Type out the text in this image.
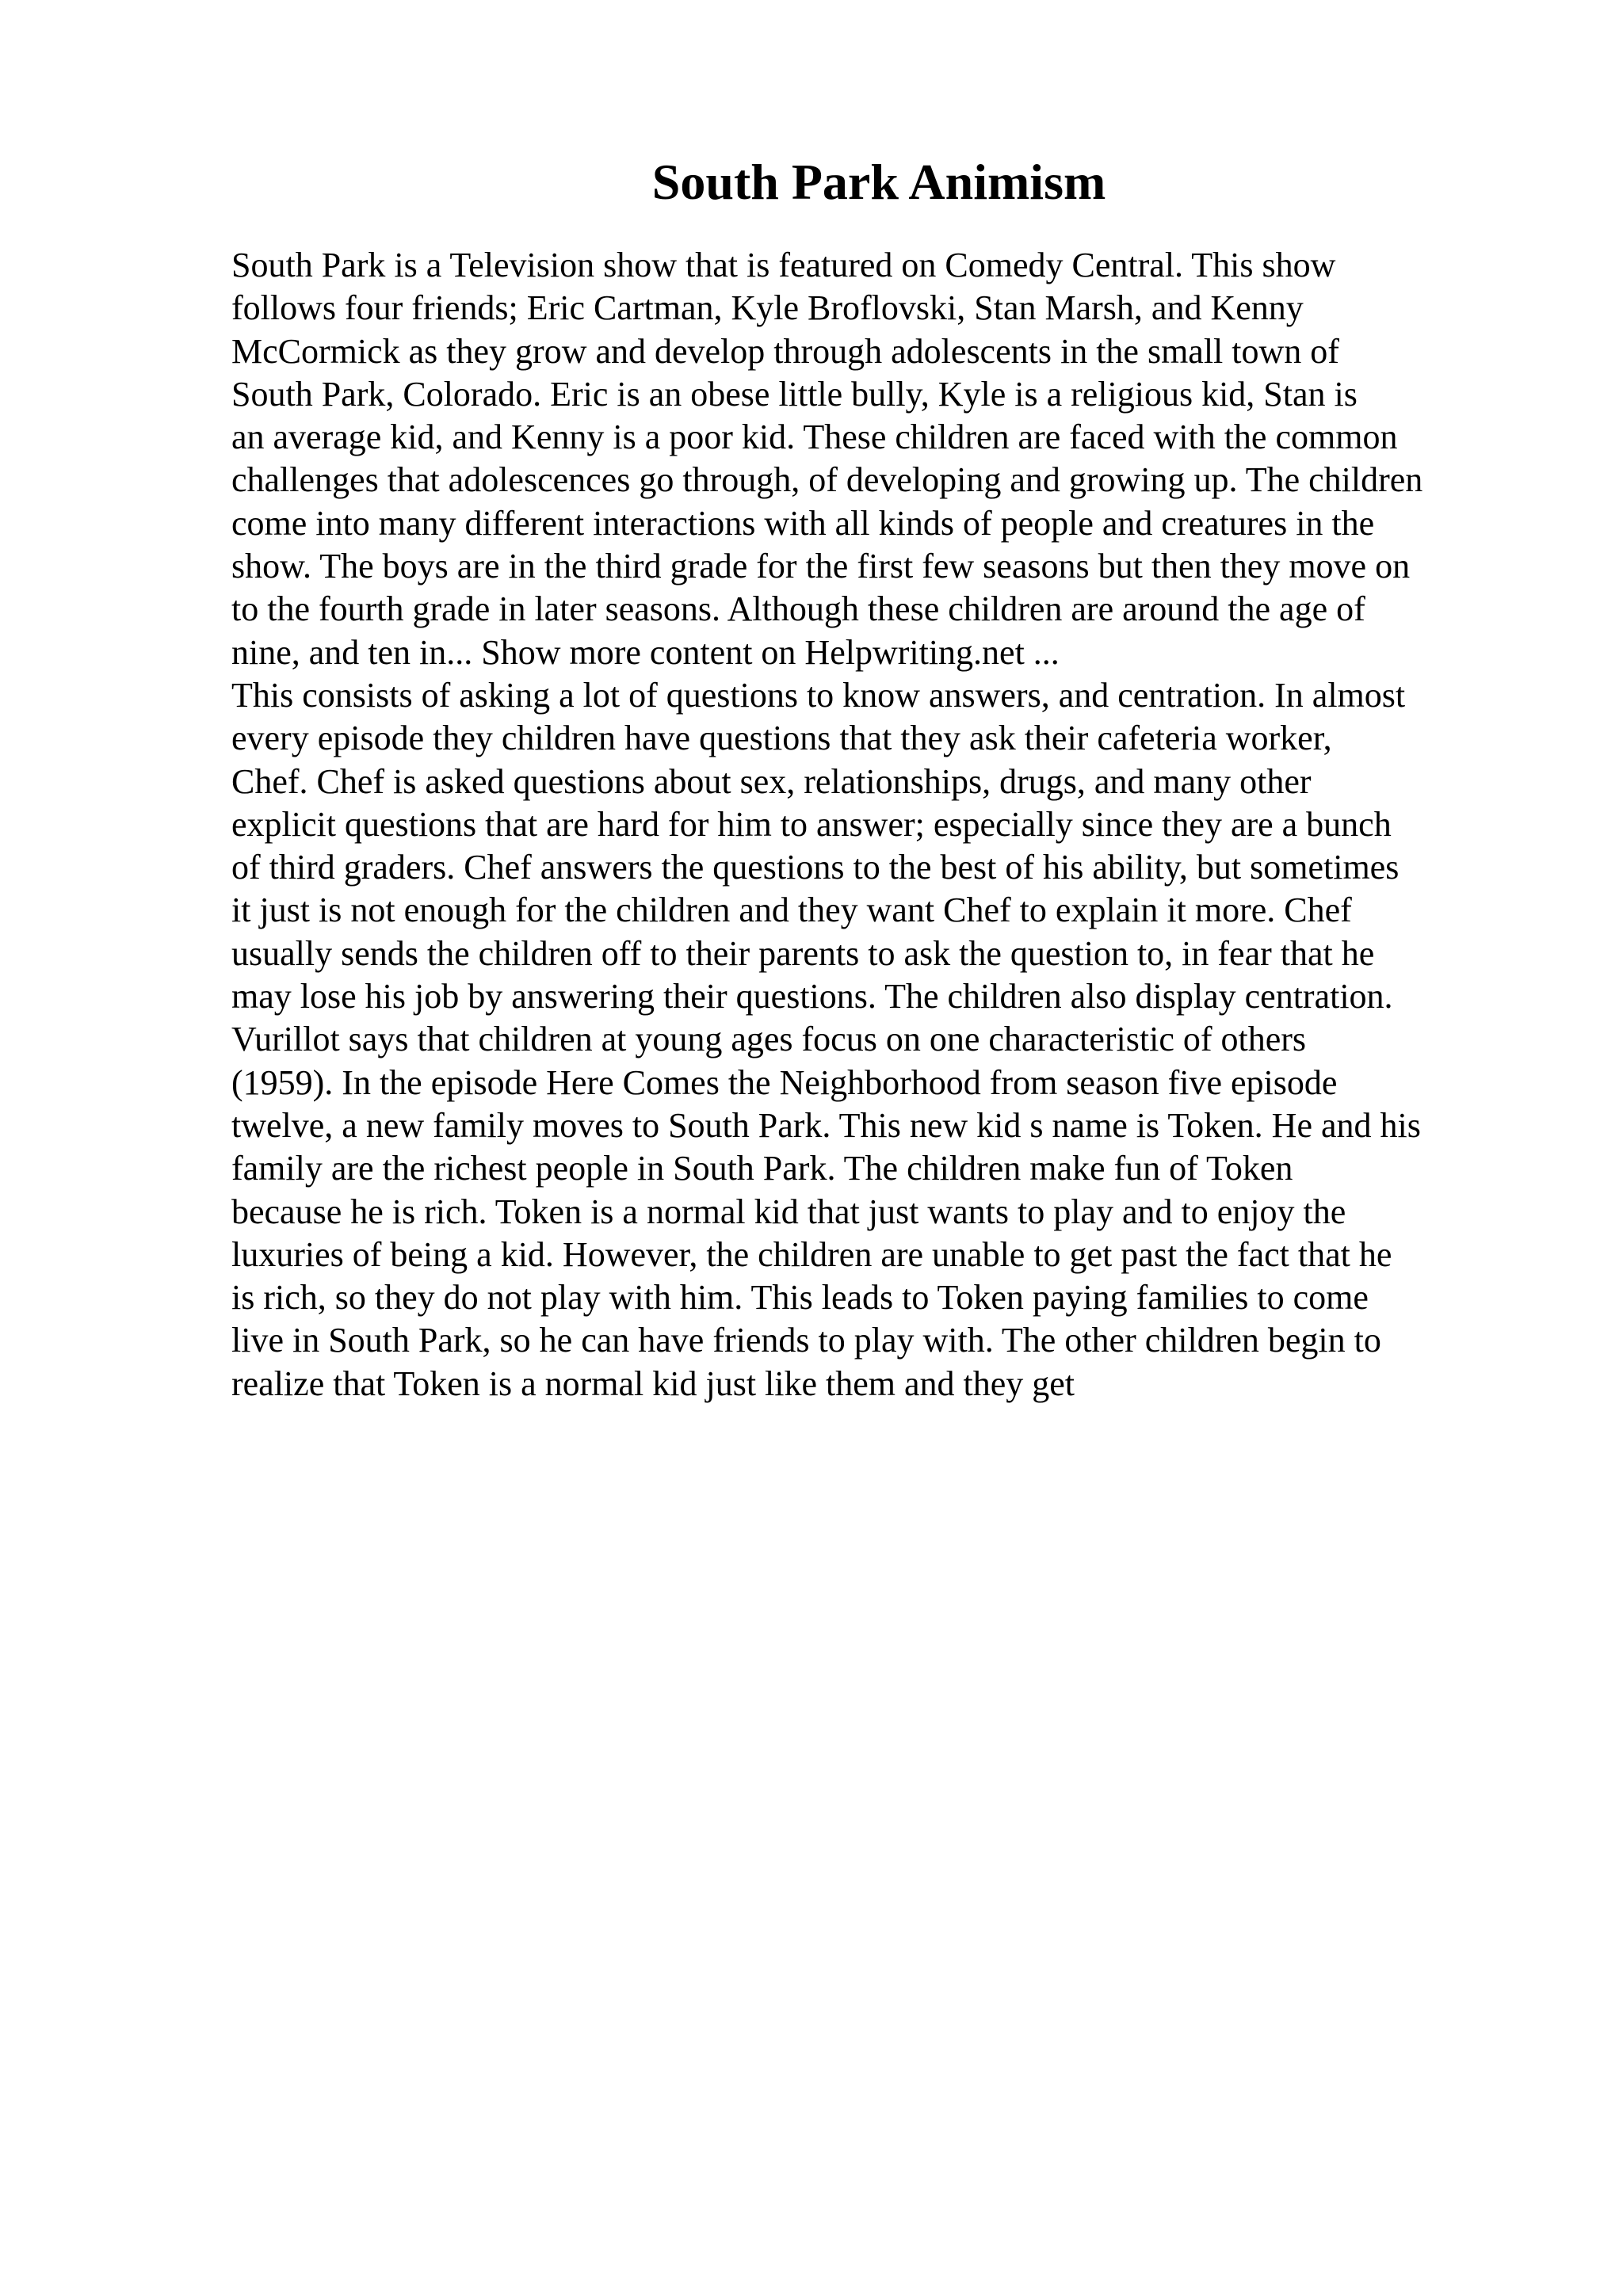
South Park Animism
South Park is a Television show that is featured on Comedy Central. This show
follows four friends; Eric Cartman, Kyle Broflovski, Stan Marsh, and Kenny
McCormick as they grow and develop through adolescents in the small town of
South Park, Colorado. Eric is an obese little bully, Kyle is a religious kid, Stan is
an average kid, and Kenny is a poor kid. These children are faced with the common
challenges that adolescences go through, of developing and growing up. The children
come into many different interactions with all kinds of people and creatures in the
show. The boys are in the third grade for the first few seasons but then they move on
to the fourth grade in later seasons. Although these children are around the age of
nine, and ten in... Show more content on Helpwriting.net ...
This consists of asking a lot of questions to know answers, and centration. In almost
every episode they children have questions that they ask their cafeteria worker,
Chef. Chef is asked questions about sex, relationships, drugs, and many other
explicit questions that are hard for him to answer; especially since they are a bunch
of third graders. Chef answers the questions to the best of his ability, but sometimes
it just is not enough for the children and they want Chef to explain it more. Chef
usually sends the children off to their parents to ask the question to, in fear that he
may lose his job by answering their questions. The children also display centration.
Vurillot says that children at young ages focus on one characteristic of others
(1959). In the episode Here Comes the Neighborhood from season five episode
twelve, a new family moves to South Park. This new kid s name is Token. He and his
family are the richest people in South Park. The children make fun of Token
because he is rich. Token is a normal kid that just wants to play and to enjoy the
luxuries of being a kid. However, the children are unable to get past the fact that he
is rich, so they do not play with him. This leads to Token paying families to come
live in South Park, so he can have friends to play with. The other children begin to
realize that Token is a normal kid just like them and they get
